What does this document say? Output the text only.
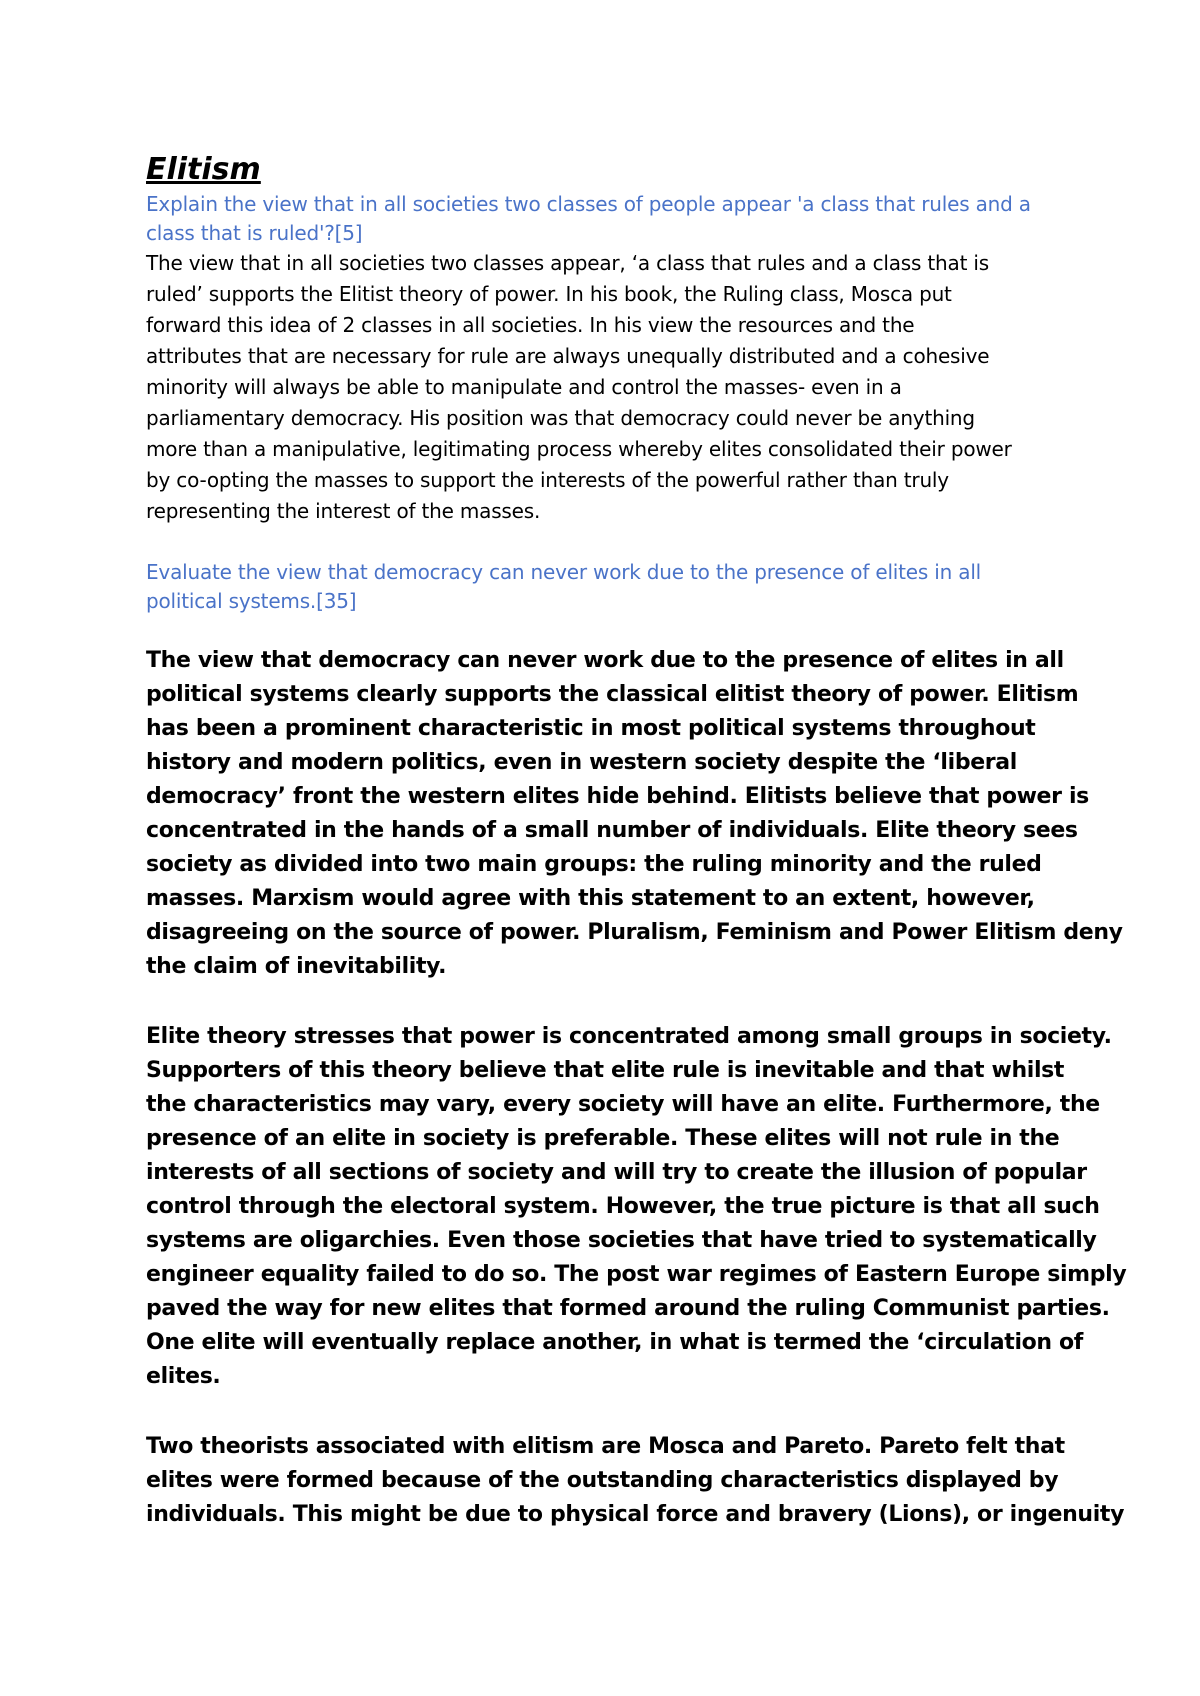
Elitism

Explain the view that in all societies two classes of people appear 'a class that rules and a
class that is ruled'?[5]

The view that in all societies two classes appear, ‘a class that rules and a class that is
ruled’ supports the Elitist theory of power. In his book, the Ruling class, Mosca put
forward this idea of 2 classes in all societies. In his view the resources and the
attributes that are necessary for rule are always unequally distributed and a cohesive
minority will always be able to manipulate and control the masses- even in a
parliamentary democracy. His position was that democracy could never be anything
more than a manipulative, legitimating process whereby elites consolidated their power
by co-opting the masses to support the interests of the powerful rather than truly
representing the interest of the masses.

Evaluate the view that democracy can never work due to the presence of elites in all
political systems.[35]

The view that democracy can never work due to the presence of elites in all
political systems clearly supports the classical elitist theory of power. Elitism
has been a prominent characteristic in most political systems throughout
history and modern politics, even in western society despite the ‘liberal
democracy’ front the western elites hide behind. Elitists believe that power is
concentrated in the hands of a small number of individuals. Elite theory sees
society as divided into two main groups: the ruling minority and the ruled
masses. Marxism would agree with this statement to an extent, however,
disagreeing on the source of power. Pluralism, Feminism and Power Elitism deny
the claim of inevitability.

Elite theory stresses that power is concentrated among small groups in society.
Supporters of this theory believe that elite rule is inevitable and that whilst
the characteristics may vary, every society will have an elite. Furthermore, the
presence of an elite in society is preferable. These elites will not rule in the
interests of all sections of society and will try to create the illusion of popular
control through the electoral system. However, the true picture is that all such
systems are oligarchies. Even those societies that have tried to systematically
engineer equality failed to do so. The post war regimes of Eastern Europe simply
paved the way for new elites that formed around the ruling Communist parties.
One elite will eventually replace another, in what is termed the ‘circulation of
elites.

Two theorists associated with elitism are Mosca and Pareto. Pareto felt that
elites were formed because of the outstanding characteristics displayed by
individuals. This might be due to physical force and bravery (Lions), or ingenuity
